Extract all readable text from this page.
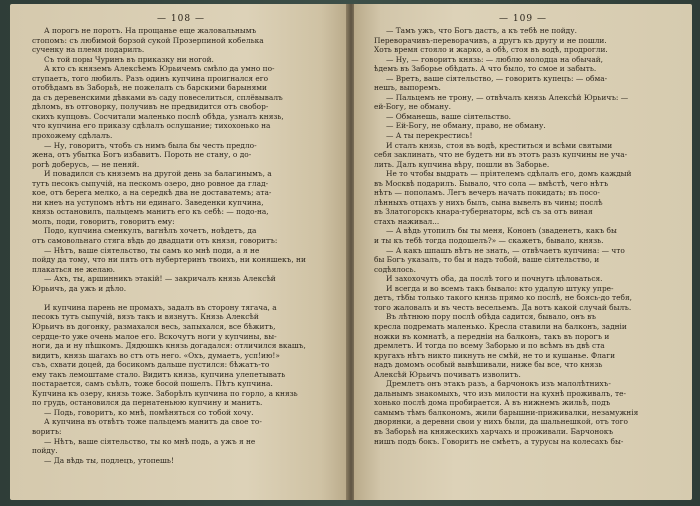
— 108 —
А порогъ не поротъ. На прощанье еще жаловальнымъ
стопомъ: съ любимой борзой сукой Прозерпиной кобелька
сученку на племя подарилъ.
Съ той поры Чуринъ въ приказку ни ногой.
А кто съ княземъ Алексѣемъ Юрьичемъ смѣло да умно по-
ступаетъ, того любилъ. Разъ одинъ купчина проигнался его
отобѣдамъ въ Заборьѣ, не пожелалъ съ барскими барынями
да съ деревенскими дѣвками въ саду повеселиться, сплёвывалъ
дѣломъ, въ отговорку, получивъ не предвидится отъ свобор-
скихъ купцовъ. Сосчитали маленько послѣ обѣда, узналъ князь,
что купчина его приказу сдѣлалъ ослушание; тихохонько на
прохожему сдѣлалъ.
— Ну, говоритъ, чтобъ съ нимъ была бы честь предло-
жена, отъ убытка Богъ избавитъ. Пороть не стану, о до-
рогѣ доберусь, — не пеняй.
И повадился съ княземъ на другой день за балагинымъ, а
тутъ песокъ сыпучій, на пескомъ озеро, дно ровное да глад-
кое, отъ берега мелко, а на середкѣ два не доставатемъ; ата-
ни кнеъ на уступомъ нѣтъ ни единаго. Заведенки купчина,
князь остановилъ, пальцемъ манитъ его къ себѣ: — подо-на,
молъ, поди, говоритъ, говоритъ ему:
Подо, купчина сменкулъ, вагнѣлъ хочетъ, ноѣдетъ, да
отъ самовольнаго стяга вѣдь до двадцати отъ князя, говоритъ:
— Нѣтъ, ваше сіятельство, ты самъ ко мнѣ поди, а я не
пойду да тому, что ни пять отъ нубертеринъ твоихъ, ни коняшекъ, ни
плакаться не желаю.
— Ахъ, ты, аршинникъ этакій! — закричалъ князь Алексѣй
Юрьичъ, да ужъ и дѣло.

И купчина парень не промахъ, задалъ въ сторону тягача, а
песокъ тутъ сыпучій, вязъ такъ и вязнутъ. Князь Алексѣй
Юрьичъ въ догонку, размахался весь, запыхался, все бѣжитъ,
сердце-то уже очень малое его. Вскочутъ ноги у купчины, вы-
ноги, да и ну пѣшкомъ. Дядюшкъ князь догадался: отличился вкашъ,
видитъ, князь шагахъ во стъ отъ него. «Охъ, думаетъ, усп!ию!»
съъ, схвати доцей, да босикомъ дальше пустился: бѣжатъ-то
ему такъ лемоштаме стало. Видитъ князь, купчина улепетывать
постарается, самъ съѣлъ, тоже босой пошелъ. Пѣтъ купчина.
Купчина къ озеру, князь тоже. Заборѣлъ купчина по горло, а князь
по грудь, остановился да пернатеньюю купчину и манитъ.
— Подь, говоритъ, ко мнѣ, помѣняться со тобой хочу.
А купчина въ отвѣтъ тоже пальцемъ манитъ да свое то-
воритъ:
— Нѣтъ, ваше сіятельство, ты ко мнѣ подь, а ужъ я не
пойду.
— Да вѣдь ты, подлецъ, утопешь!
— 109 —
— Тамъ ужъ, что Богъ дастъ, а къ тебѣ не пойду.
Переворачивъ-переворачивъ, а другъ къ другу и не пошли.
Хоть время стояло и жарко, а обѣ, стоя въ водѣ, продрогли.
— Ну, — говоритъ князь: — люблю молодца на обычай,
ѣдемъ въ Заборье обѣдать. А что было, то смое и забыть.
— Вретъ, ваше сіятельство, — говоритъ купецъ: — обма-
нешъ, выпоремъ.
— Пальцемъ не трону, — отвѣчалъ князь Алексѣй Юрьичъ: —
ей-Богу, не обману.
— Обманешь, ваше сіятельство.
— Ей-Богу, не обману, право, не обману.
— А ты перекрестись!
И сталъ князь, стоя въ водѣ, креститься и всѣми святыми
себя заклинать, что не будетъ ни въ этотъ разъ купчины не уча-
лить. Далъ купчина вѣру, пошли въ Заборье.
Не то чтобы выдрать — пріятелемъ сдѣлалъ его, домъ каждый
въ Москвѣ подарилъ. Бывало, что сола — вмѣстѣ, чего нѣтъ
нѣтъ — пополамъ. Легъ вечеръ начать покидать; въ посо-
лѣнныхъ отцахъ у нихъ былъ, сына вывелъ въ чины; послѣ
въ Златогорскъ кнара-губернаторы, всѣ съ за отъ виная
стахъ наживал...
— А вѣдь утопилъ бы ты меня, Кононъ (зваденетъ, какъ бы
и ты къ тебѣ тогда подошелъ?» — скажетъ, бывало, князь.
— А какъ шпашъ вѣтъ не знать, — отвѣчаетъ купчина: — что
бы Богъ указалъ, то бы и надъ тобой, ваше сіятельство, и
содѣялось.
И захохочутъ оба, да послѣ того и почнутъ цѣловаться.
И всегда и во всемъ такъ бывало: кто удалую штуку упре-
детъ, тѣбы только такого князь прямо ко послѣ, не боясь-до тебя,
того жаловалъ и въ честь весельемъ. Да вотъ какой случай былъ.
Въ лѣтнюю пору послѣ обѣда садится, бывало, онъ въ
кресла подремать маленько. Кресла ставили на балконъ, задніи
ножки въ комнатѣ, а передніи на балконъ, такъ въ порогъ и
дремлетъ. И тогда по всему Заборью и по всѣмъ въ двѣ ста
кругахъ нѣтъ никто пикнуть не смѣй, не то и кушанье. Флаги
надъ домомъ особый вывѣшивали, ниже бы все, что князь
Алексѣй Юрьичъ почиватъ изволитъ.
Дремлетъ онъ этакъ разъ, а барчонокъ изъ малолѣтнихъ-
дальнымъ знакомыхъ, что изъ милости на кухнѣ проживалъ, те-
хонько послѣ дома пробирается. А въ нижнемъ жильѣ, подъ
самымъ тѣмъ балкономъ, жили барышни-приживалки, незамужнія
дворянки, а деревни свои у нихъ были, да шальнешкой, отъ того
въ Заборьѣ на княжескихъ харчахъ и проживали. Барчонокъ
нишъ подъ бокъ. Говоритъ не смѣетъ, а турусы на колесахъ бы-
